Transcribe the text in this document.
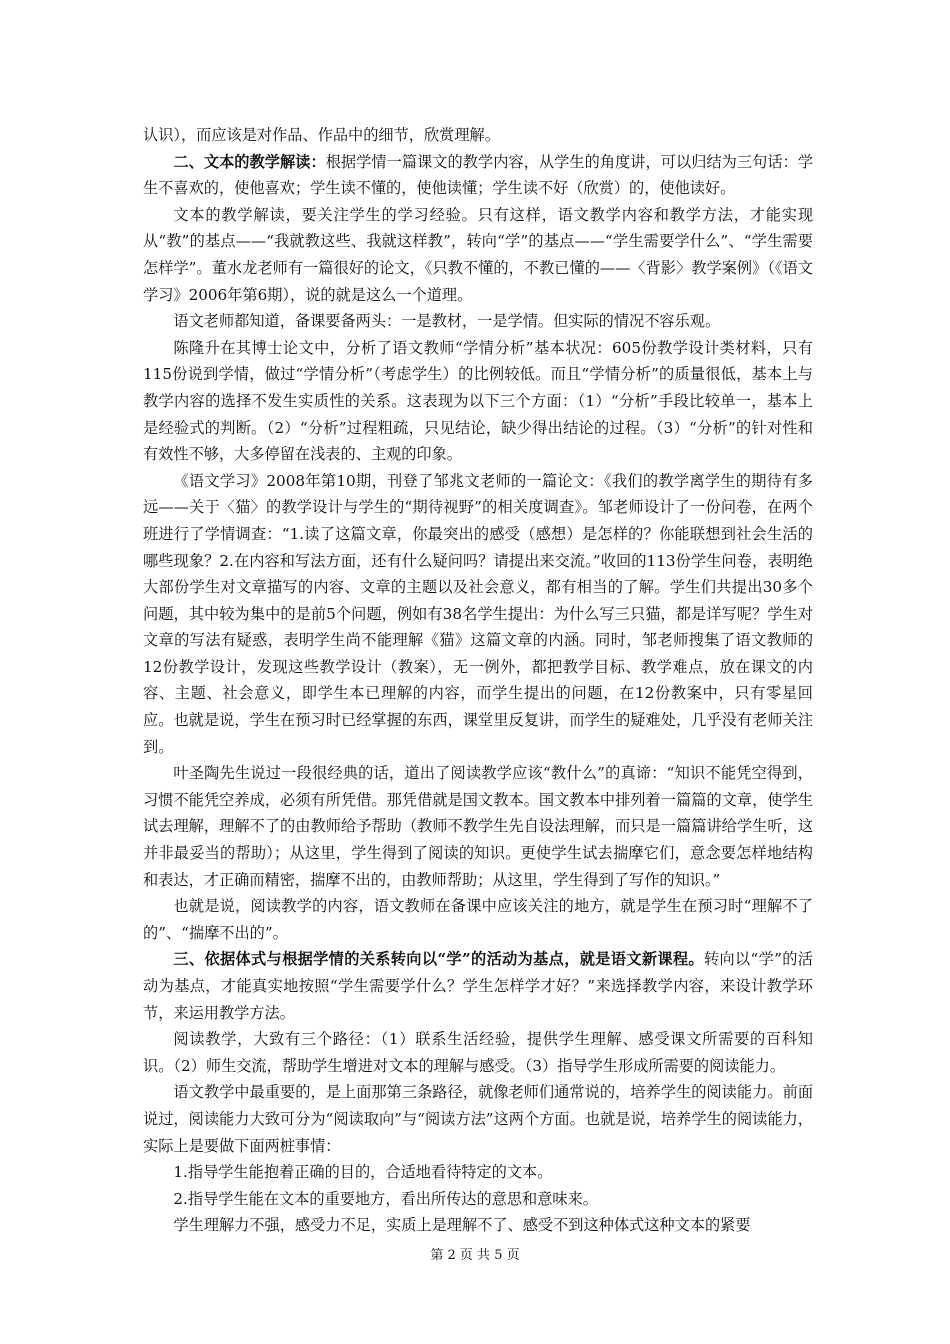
认识），而应该是对作品、作品中的细节，欣赏理解。

二、文本的教学解读：根据学情一篇课文的教学内容，从学生的角度讲，可以归结为三句话：学生不喜欢的，使他喜欢；学生读不懂的，使他读懂；学生读不好（欣赏）的，使他读好。

文本的教学解读，要关注学生的学习经验。只有这样，语文教学内容和教学方法，才能实现从“教”的基点——“我就教这些、我就这样教”，转向“学”的基点——“学生需要学什么”、“学生需要怎样学”。董水龙老师有一篇很好的论文，《只教不懂的，不教已懂的——〈背影〉教学案例》（《语文学习》2006年第6期），说的就是这么一个道理。

语文老师都知道，备课要备两头：一是教材，一是学情。但实际的情况不容乐观。

陈隆升在其博士论文中，分析了语文教师“学情分析”基本状况：605份教学设计类材料，只有115份说到学情，做过“学情分析”（考虑学生）的比例较低。而且“学情分析”的质量很低，基本上与教学内容的选择不发生实质性的关系。这表现为以下三个方面：（1）“分析”手段比较单一，基本上是经验式的判断。（2）“分析”过程粗疏，只见结论，缺少得出结论的过程。（3）“分析”的针对性和有效性不够，大多停留在浅表的、主观的印象。

《语文学习》2008年第10期，刊登了邹兆文老师的一篇论文：《我们的教学离学生的期待有多远——关于〈猫〉的教学设计与学生的“期待视野”的相关度调查》。邹老师设计了一份问卷，在两个班进行了学情调查：“1.读了这篇文章，你最突出的感受（感想）是怎样的？你能联想到社会生活的哪些现象？2.在内容和写法方面，还有什么疑问吗？请提出来交流。”收回的113份学生问卷，表明绝大部份学生对文章描写的内容、文章的主题以及社会意义，都有相当的了解。学生们共提出30多个问题，其中较为集中的是前5个问题，例如有38名学生提出：为什么写三只猫，都是详写呢？学生对文章的写法有疑惑，表明学生尚不能理解《猫》这篇文章的内涵。同时，邹老师搜集了语文教师的12份教学设计，发现这些教学设计（教案），无一例外，都把教学目标、教学难点，放在课文的内容、主题、社会意义，即学生本已理解的内容，而学生提出的问题，在12份教案中，只有零星回应。也就是说，学生在预习时已经掌握的东西，课堂里反复讲，而学生的疑难处，几乎没有老师关注到。

叶圣陶先生说过一段很经典的话，道出了阅读教学应该“教什么”的真谛：“知识不能凭空得到，习惯不能凭空养成，必须有所凭借。那凭借就是国文教本。国文教本中排列着一篇篇的文章，使学生试去理解，理解不了的由教师给予帮助（教师不教学生先自设法理解，而只是一篇篇讲给学生听，这并非最妥当的帮助）；从这里，学生得到了阅读的知识。更使学生试去揣摩它们，意念要怎样地结构和表达，才正确而精密，揣摩不出的，由教师帮助；从这里，学生得到了写作的知识。”

也就是说，阅读教学的内容，语文教师在备课中应该关注的地方，就是学生在预习时“理解不了的”、“揣摩不出的”。

三、依据体式与根据学情的关系转向以“学”的活动为基点，就是语文新课程。转向以“学”的活动为基点，才能真实地按照“学生需要学什么？学生怎样学才好？”来选择教学内容，来设计教学环节，来运用教学方法。

阅读教学，大致有三个路径：（1）联系生活经验，提供学生理解、感受课文所需要的百科知识。（2）师生交流，帮助学生增进对文本的理解与感受。（3）指导学生形成所需要的阅读能力。

语文教学中最重要的，是上面那第三条路径，就像老师们通常说的，培养学生的阅读能力。前面说过，阅读能力大致可分为“阅读取向”与“阅读方法”这两个方面。也就是说，培养学生的阅读能力，实际上是要做下面两桩事情：

1.指导学生能抱着正确的目的，合适地看待特定的文本。

2.指导学生能在文本的重要地方，看出所传达的意思和意味来。

学生理解力不强，感受力不足，实质上是理解不了、感受不到这种体式这种文本的紧要

第 2 页 共 5 页
